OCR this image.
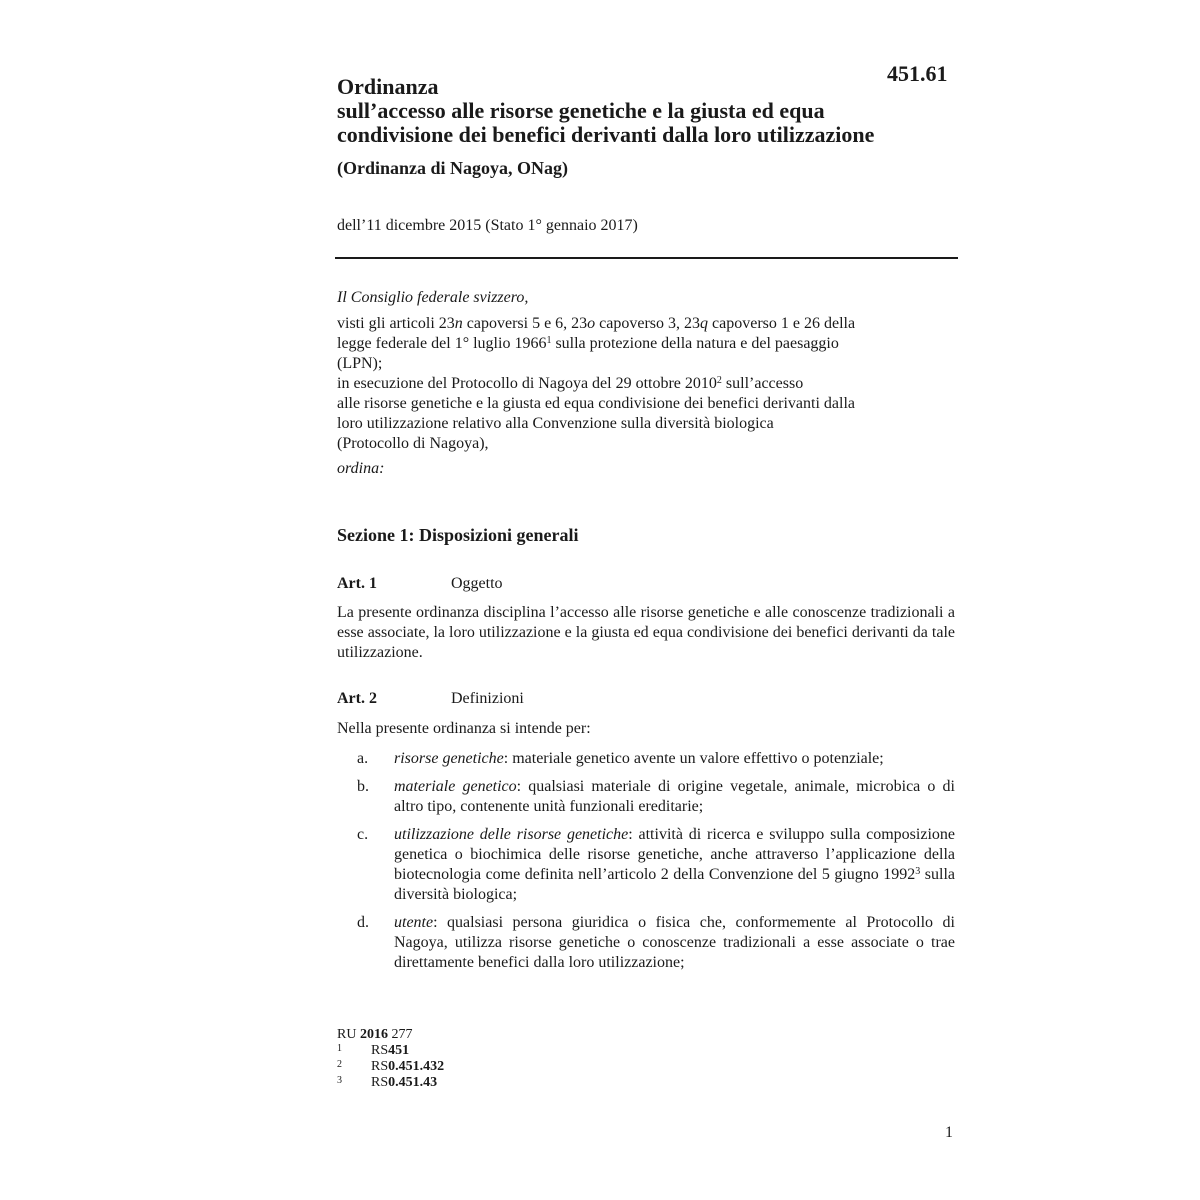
451.61
Ordinanza
sull’accesso alle risorse genetiche e la giusta ed equa
condivisione dei benefici derivanti dalla loro utilizzazione
(Ordinanza di Nagoya, ONag)
dell’11 dicembre 2015 (Stato 1° gennaio 2017)

Il Consiglio federale svizzero,

visti gli articoli 23n capoversi 5 e 6, 23o capoverso 3, 23q capoverso 1 e 26 della
legge federale del 1° luglio 1966$^1$ sulla protezione della natura e del paesaggio
(LPN);

in esecuzione del Protocollo di Nagoya del 29 ottobre 2010$^2$ sull’accesso
alle risorse genetiche e la giusta ed equa condivisione dei benefici derivanti dalla
loro utilizzazione relativo alla Convenzione sulla diversità biologica
(Protocollo di Nagoya),

ordina:

Sezione 1: Disposizioni generali
Art. 1	Oggetto
La presente ordinanza disciplina l’accesso alle risorse genetiche e alle conoscenze tradizionali a esse associate, la loro utilizzazione e la giusta ed equa condivisione dei benefici derivanti da tale utilizzazione.
Art. 2	Definizioni
Nella presente ordinanza si intende per:
a.	risorse genetiche: materiale genetico avente un valore effettivo o potenziale;
b.	materiale genetico: qualsiasi materiale di origine vegetale, animale, microbica o di altro tipo, contenente unità funzionali ereditarie;
c.	utilizzazione delle risorse genetiche: attività di ricerca e sviluppo sulla composizione genetica o biochimica delle risorse genetiche, anche attraverso l’applicazione della biotecnologia come definita nell’articolo 2 della Convenzione del 5 giugno 1992$^3$ sulla diversità biologica;
d.	utente: qualsiasi persona giuridica o fisica che, conformemente al Protocollo di Nagoya, utilizza risorse genetiche o conoscenze tradizionali a esse associate o trae direttamente benefici dalla loro utilizzazione;
RU 2016 277
1	RS 451
2	RS 0.451.432
3	RS 0.451.43
1
